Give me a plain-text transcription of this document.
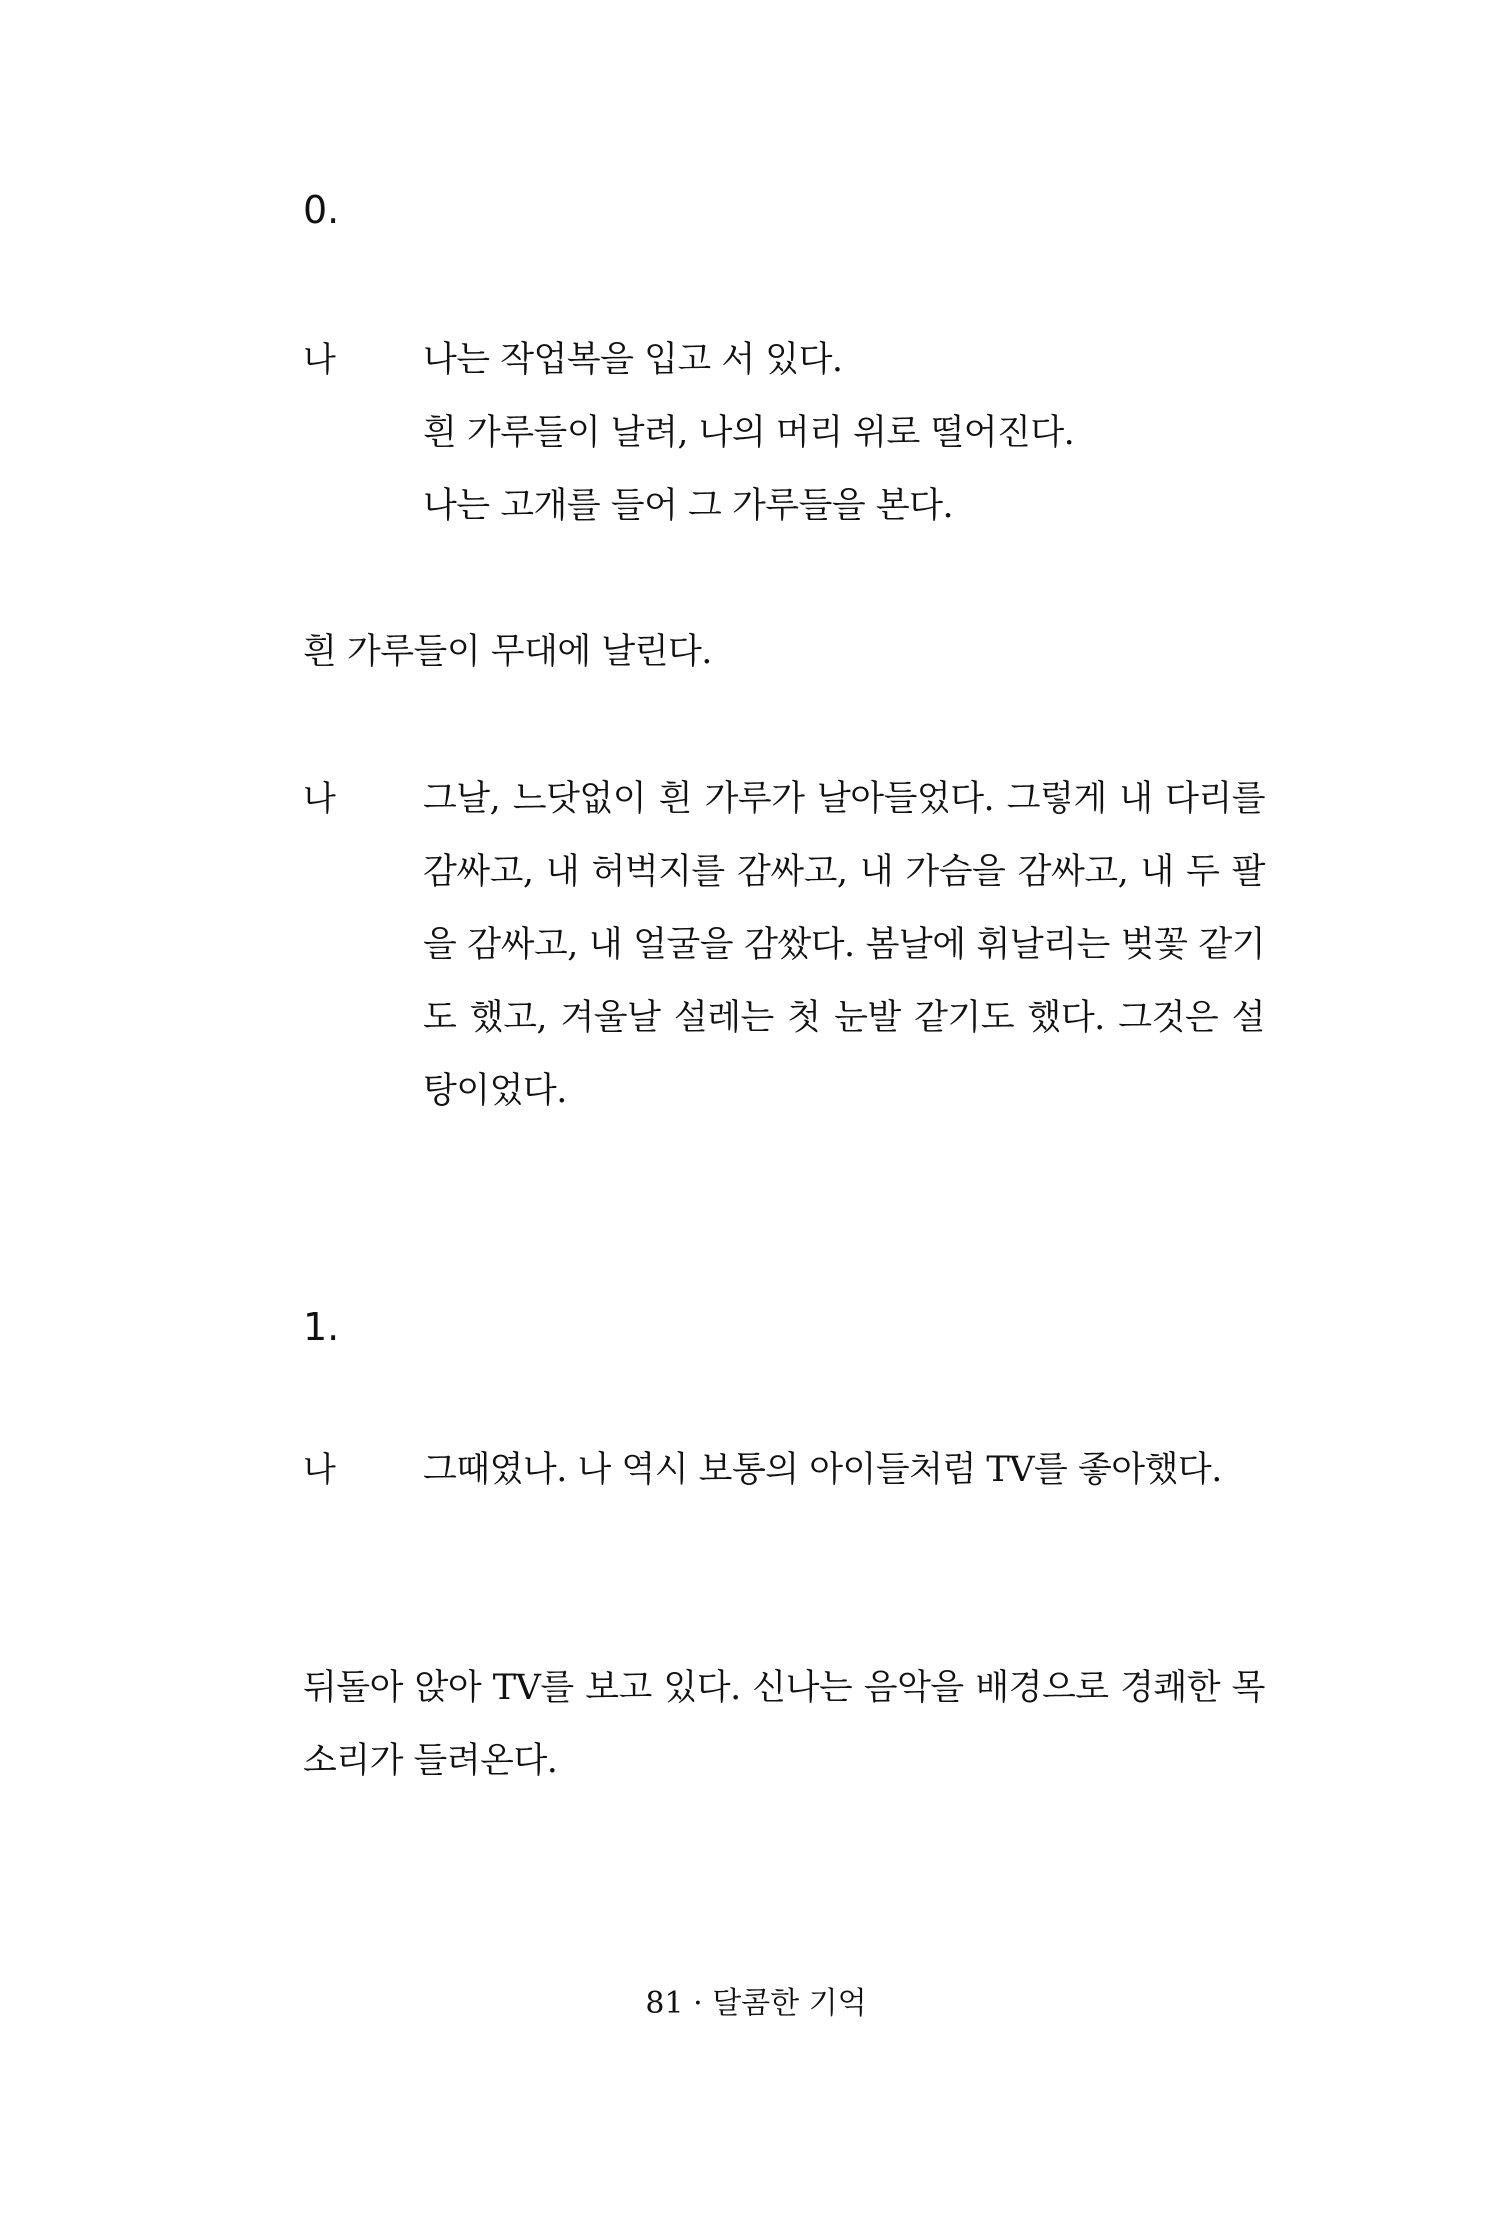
0.
나 나는 작업복을 입고 서 있다.
흰 가루들이 날려, 나의 머리 위로 떨어진다.
나는 고개를 들어 그 가루들을 본다.
흰 가루들이 무대에 날린다.
나 그날, 느닷없이 흰 가루가 날아들었다. 그렇게 내 다리를 감싸고, 내 허벅지를 감싸고, 내 가슴을 감싸고, 내 두 팔을 감싸고, 내 얼굴을 감쌌다. 봄날에 휘날리는 벚꽃 같기도 했고, 겨울날 설레는 첫 눈발 같기도 했다. 그것은 설탕이었다.
1.
나 그때였나. 나 역시 보통의 아이들처럼 TV를 좋아했다.
뒤돌아 앉아 TV를 보고 있다. 신나는 음악을 배경으로 경쾌한 목소리가 들려온다.
81 · 달콤한 기억
